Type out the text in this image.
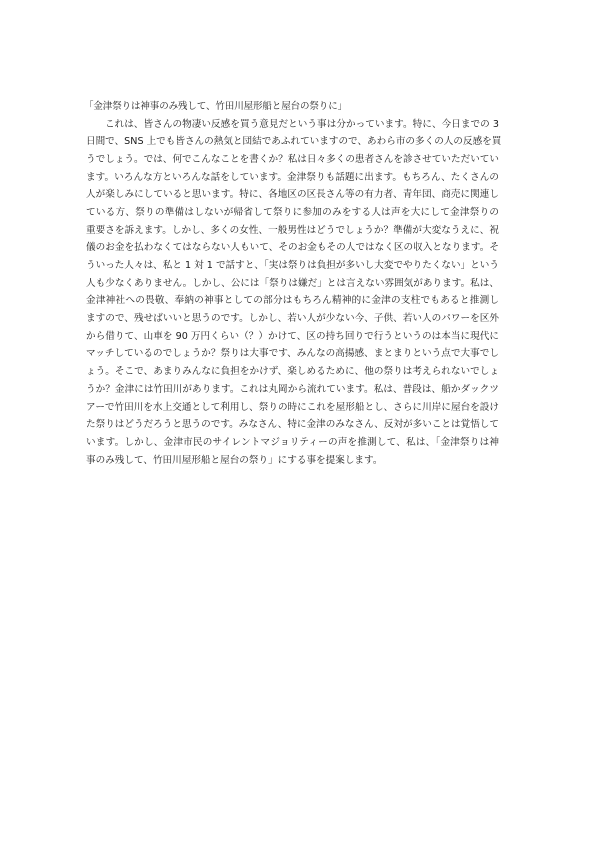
「金津祭りは神事のみ残して、竹田川屋形船と屋台の祭りに」
これは、皆さんの物凄い反感を買う意見だという事は分かっています。特に、今日までの 3
日間で、SNS 上でも皆さんの熱気と団結であふれていますので、あわら市の多くの人の反感を買
うでしょう。では、何でこんなことを書くか？私は日々多くの患者さんを診させていただいてい
ます。いろんな方といろんな話をしています。金津祭りも話題に出ます。もちろん、たくさんの
人が楽しみにしていると思います。特に、各地区の区長さん等の有力者、青年団、商売に関連し
ている方、祭りの準備はしないが帰省して祭りに参加のみをする人は声を大にして金津祭りの
重要さを訴えます。しかし、多くの女性、一般男性はどうでしょうか？準備が大変なうえに、祝
儀のお金を払わなくてはならない人もいて、そのお金もその人ではなく区の収入となります。そ
ういった人々は、私と 1 対 1 で話すと、「実は祭りは負担が多いし大変でやりたくない」という
人も少なくありません。しかし、公には「祭りは嫌だ」とは言えない雰囲気があります。私は、
金津神社への畏敬、奉納の神事としての部分はもちろん精神的に金津の支柱でもあると推測し
ますので、残せばいいと思うのです。しかし、若い人が少ない今、子供、若い人のパワーを区外
から借りて、山車を 90 万円くらい（？）かけて、区の持ち回りで行うというのは本当に現代に
マッチしているのでしょうか？祭りは大事です、みんなの高揚感、まとまりという点で大事でし
ょう。そこで、あまりみんなに負担をかけず、楽しめるために、他の祭りは考えられないでしょ
うか？金津には竹田川があります。これは丸岡から流れています。私は、普段は、船かダックツ
アーで竹田川を水上交通として利用し、祭りの時にこれを屋形船とし、さらに川岸に屋台を設け
た祭りはどうだろうと思うのです。みなさん、特に金津のみなさん、反対が多いことは覚悟して
います。しかし、金津市民のサイレントマジョリティーの声を推測して、私は、「金津祭りは神
事のみ残して、竹田川屋形船と屋台の祭り」にする事を提案します。
